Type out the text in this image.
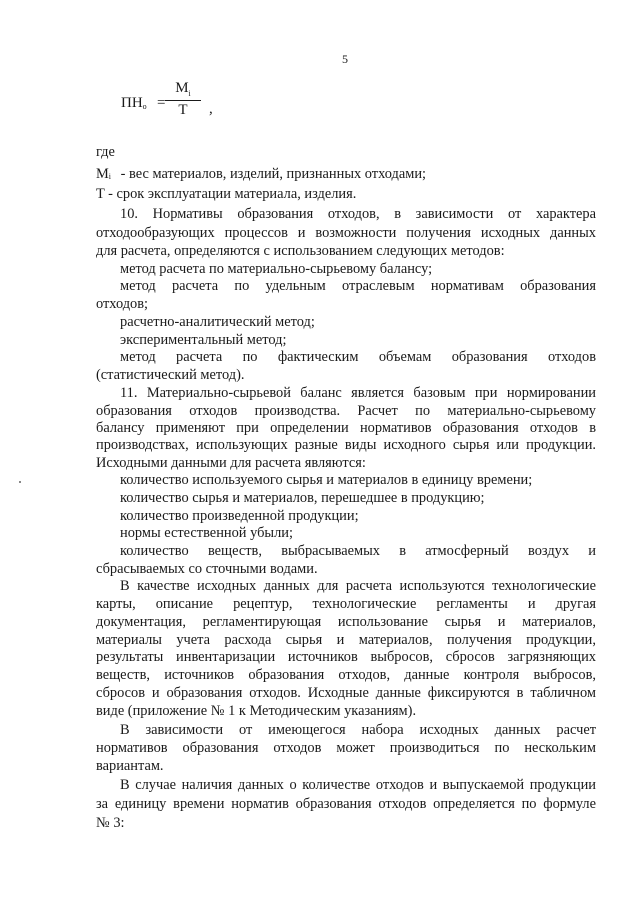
5
$ПН_о$ =
$M_i$
T	,
где
$M_i$ - вес материалов, изделий, признанных отходами;
T - срок эксплуатации материала, изделия.
10. Нормативы образования отходов, в зависимости от характера
отходообразующих процессов и возможности получения исходных данных
для расчета, определяются с использованием следующих методов:
метод расчета по материально-сырьевому балансу;
метод расчета по удельным отраслевым нормативам образования
отходов;
расчетно-аналитический метод;
экспериментальный метод;
метод расчета по фактическим объемам образования отходов
(статистический метод).
11. Материально-сырьевой баланс является базовым при нормировании
образования отходов производства. Расчет по материально-сырьевому
балансу применяют при определении нормативов образования отходов в
производствах, использующих разные виды исходного сырья или продукции.
Исходными данными для расчета являются:
количество используемого сырья и материалов в единицу времени;
количество сырья и материалов, перешедшее в продукцию;
количество произведенной продукции;
нормы естественной убыли;
количество веществ, выбрасываемых в атмосферный воздух и
сбрасываемых со сточными водами.
В качестве исходных данных для расчета используются технологические
карты, описание рецептур, технологические регламенты и другая
документация, регламентирующая использование сырья и материалов,
материалы учета расхода сырья и материалов, получения продукции,
результаты инвентаризации источников выбросов, сбросов загрязняющих
веществ, источников образования отходов, данные контроля выбросов,
сбросов и образования отходов. Исходные данные фиксируются в табличном
виде (приложение № 1 к Методическим указаниям).
В зависимости от имеющегося набора исходных данных расчет
нормативов образования отходов может производиться по нескольким
вариантам.
В случае наличия данных о количестве отходов и выпускаемой продукции
за единицу времени норматив образования отходов определяется по формуле
№ 3:
